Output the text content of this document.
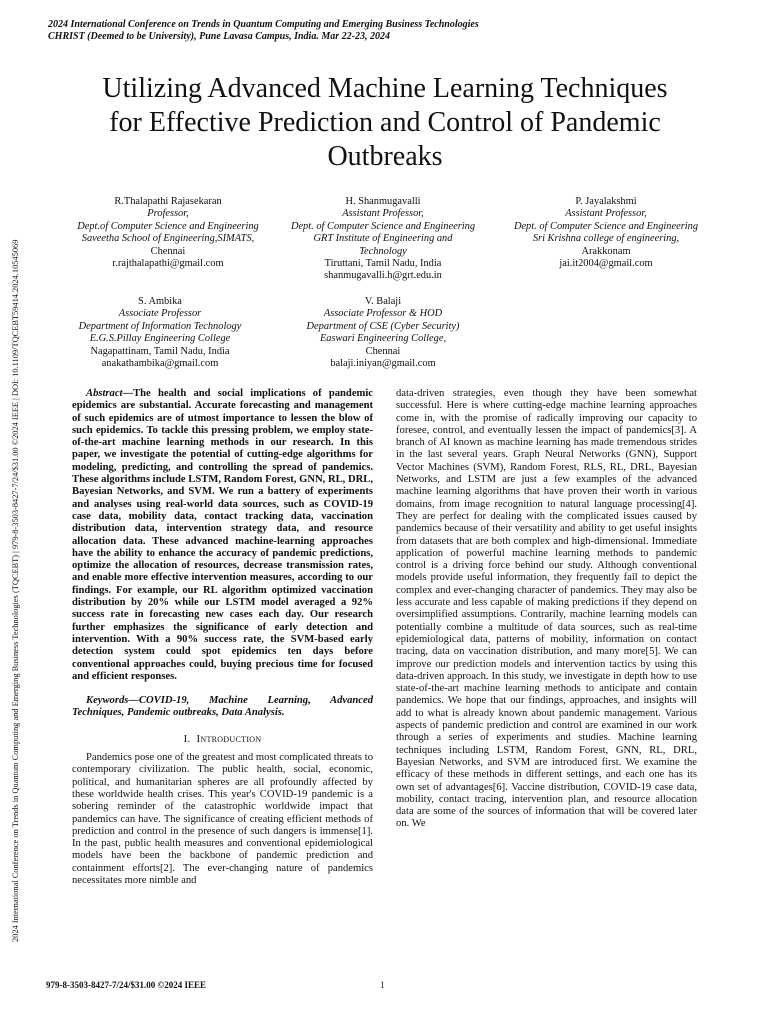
2024 International Conference on Trends in Quantum Computing and Emerging Business Technologies
CHRIST (Deemed to be University), Pune Lavasa Campus, India. Mar 22-23, 2024
2024 International Conference on Trends in Quantum Computing and Emerging Business Technologies (TQCEBT) | 979-8-3503-8427-7/24/$31.00 ©2024 IEEE | DOI: 10.1109/TQCEBT59414.2024.10545069
Utilizing Advanced Machine Learning Techniques
for Effective Prediction and Control of Pandemic
Outbreaks
R.Thalapathi Rajasekaran
Professor,
Dept.of Computer Science and Engineering
Saveetha School of Engineering,SIMATS,
Chennai
r.rajthalapathi@gmail.com
H. Shanmugavalli
Assistant Professor,
Dept. of Computer Science and Engineering
GRT Institute of Engineering and Technology
Tiruttani, Tamil Nadu, India
shanmugavalli.h@grt.edu.in
P. Jayalakshmi
Assistant Professor,
Dept. of Computer Science and Engineering
Sri Krishna college of engineering,
Arakkonam
jai.it2004@gmail.com
S. Ambika
Associate Professor
Department of Information Technology
E.G.S.Pillay Engineering College
Nagapattinam, Tamil Nadu, India
anakathambika@gmail.com
V. Balaji
Associate Professor & HOD
Department of CSE (Cyber Security)
Easwari Engineering College,
Chennai
balaji.iniyan@gmail.com

Abstract—The health and social implications of pandemic epidemics are substantial. Accurate forecasting and management of such epidemics are of utmost importance to lessen the blow of such epidemics. To tackle this pressing problem, we employ state-of-the-art machine learning methods in our research. In this paper, we investigate the potential of cutting-edge algorithms for modeling, predicting, and controlling the spread of pandemics. These algorithms include LSTM, Random Forest, GNN, RL, DRL, Bayesian Networks, and SVM. We run a battery of experiments and analyses using real-world data sources, such as COVID-19 case data, mobility data, contact tracking data, vaccination distribution data, intervention strategy data, and resource allocation data. These advanced machine-learning approaches have the ability to enhance the accuracy of pandemic predictions, optimize the allocation of resources, decrease transmission rates, and enable more effective intervention measures, according to our findings. For example, our RL algorithm optimized vaccination distribution by 20% while our LSTM model averaged a 92% success rate in forecasting new cases each day. Our research further emphasizes the significance of early detection and intervention. With a 90% success rate, the SVM-based early detection system could spot epidemics ten days before conventional approaches could, buying precious time for focused and efficient responses.

Keywords—COVID-19, Machine Learning, Advanced Techniques, Pandemic outbreaks, Data Analysis.

I. Introduction

Pandemics pose one of the greatest and most complicated threats to contemporary civilization. The public health, social, economic, political, and humanitarian spheres are all profoundly affected by these worldwide health crises. This year's COVID-19 pandemic is a sobering reminder of the catastrophic worldwide impact that pandemics can have. The significance of creating efficient methods of prediction and control in the presence of such dangers is immense[1]. In the past, public health measures and conventional epidemiological models have been the backbone of pandemic prediction and containment efforts[2]. The ever-changing nature of pandemics necessitates more nimble and

data-driven strategies, even though they have been somewhat successful. Here is where cutting-edge machine learning approaches come in, with the promise of radically improving our capacity to foresee, control, and eventually lessen the impact of pandemics[3]. A branch of AI known as machine learning has made tremendous strides in the last several years. Graph Neural Networks (GNN), Support Vector Machines (SVM), Random Forest, RLS, RL, DRL, Bayesian Networks, and LSTM are just a few examples of the advanced machine learning algorithms that have proven their worth in various domains, from image recognition to natural language processing[4]. They are perfect for dealing with the complicated issues caused by pandemics because of their versatility and ability to get useful insights from datasets that are both complex and high-dimensional. Immediate application of powerful machine learning methods to pandemic control is a driving force behind our study. Although conventional models provide useful information, they frequently fail to depict the complex and ever-changing character of pandemics. They may also be less accurate and less capable of making predictions if they depend on oversimplified assumptions. Contrarily, machine learning models can potentially combine a multitude of data sources, such as real-time epidemiological data, patterns of mobility, information on contact tracing, data on vaccination distribution, and many more[5]. We can improve our prediction models and intervention tactics by using this data-driven approach. In this study, we investigate in depth how to use state-of-the-art machine learning methods to anticipate and contain pandemics. We hope that our findings, approaches, and insights will add to what is already known about pandemic management. Various aspects of pandemic prediction and control are examined in our work through a series of experiments and studies. Machine learning techniques including LSTM, Random Forest, GNN, RL, DRL, Bayesian Networks, and SVM are introduced first. We examine the efficacy of these methods in different settings, and each one has its own set of advantages[6]. Vaccine distribution, COVID-19 case data, mobility, contact tracing, intervention plan, and resource allocation data are some of the sources of information that will be covered later on. We

979-8-3503-8427-7/24/$31.00 ©2024 IEEE	1
